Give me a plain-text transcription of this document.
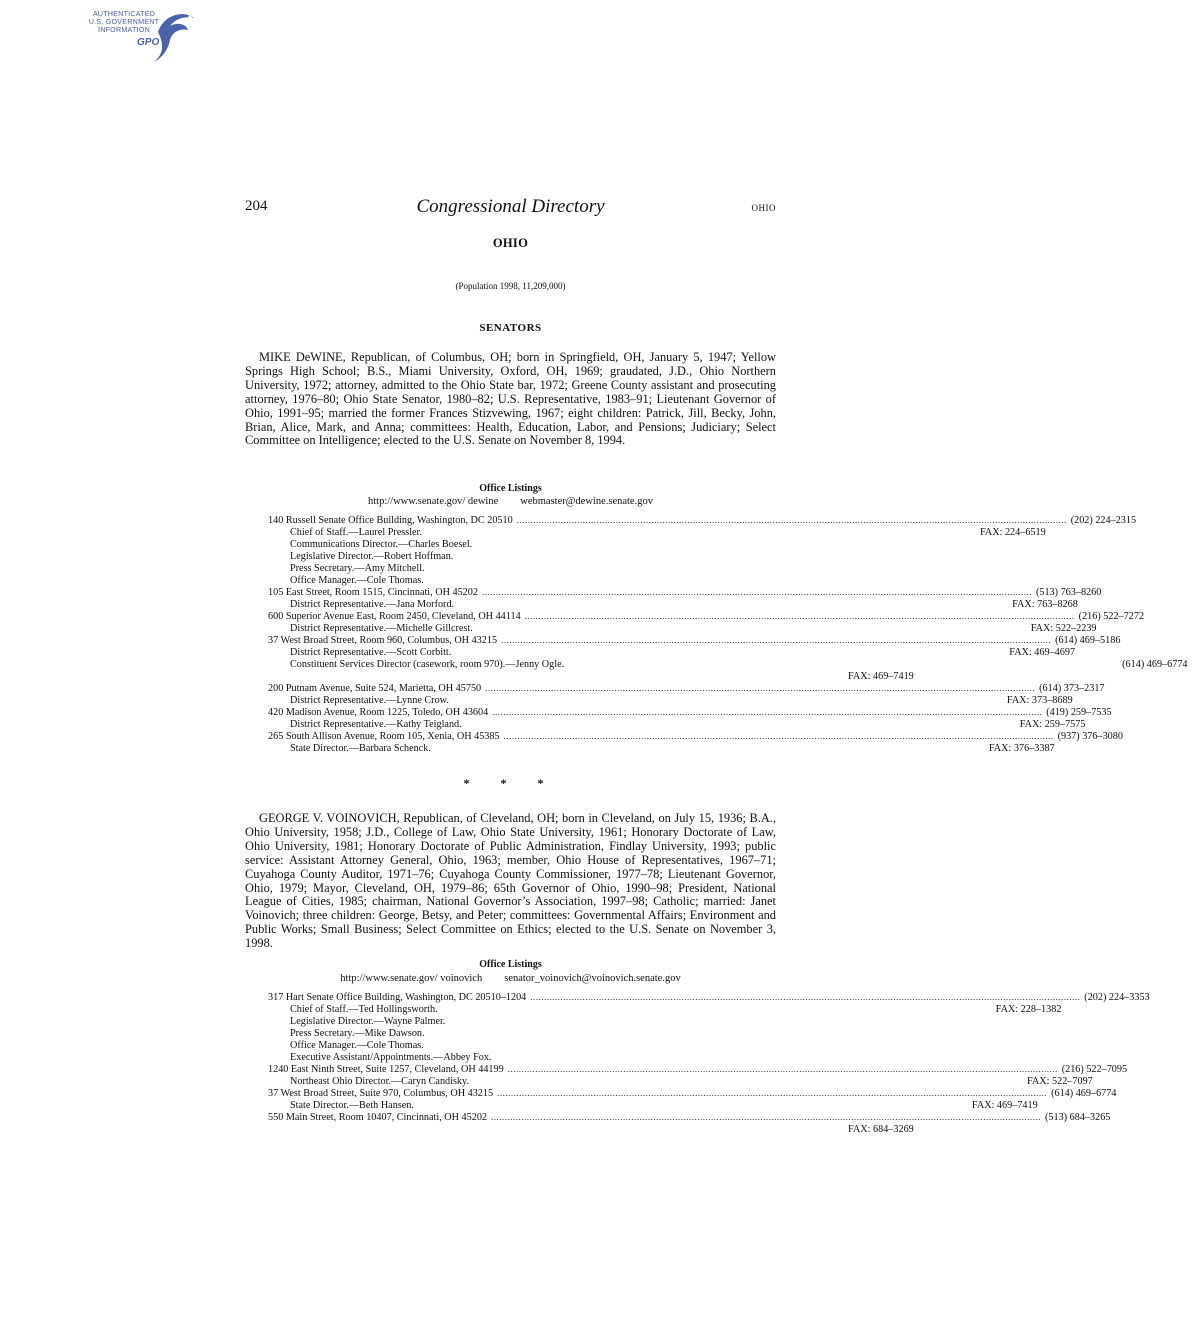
AUTHENTICATED
U.S. GOVERNMENT
INFORMATION
GPO
204	Congressional Directory	OHIO
OHIO
(Population 1998, 11,209,000)
SENATORS

MIKE DeWINE, Republican, of Columbus, OH; born in Springfield, OH, January 5, 1947; Yellow Springs High School; B.S., Miami University, Oxford, OH, 1969; graudated, J.D., Ohio Northern University, 1972; attorney, admitted to the Ohio State bar, 1972; Greene County assistant and prosecuting attorney, 1976–80; Ohio State Senator, 1980–82; U.S. Representative, 1983–91; Lieutenant Governor of Ohio, 1991–95; married the former Frances Stizvewing, 1967; eight children: Patrick, Jill, Becky, John, Brian, Alice, Mark, and Anna; committees: Health, Education, Labor, and Pensions; Judiciary; Select Committee on Intelligence; elected to the U.S. Senate on November 8, 1994.

Office Listings
http://www.senate.gov/ dewine webmaster@dewine.senate.gov
140 Russell Senate Office Building, Washington, DC 20510 ........................................................................................................................................................................................................ (202) 224–2315
Chief of Staff.—Laurel Pressler.	FAX: 224–6519
Communications Director.—Charles Boesel.
Legislative Director.—Robert Hoffman.
Press Secretary.—Amy Mitchell.
Office Manager.—Cole Thomas.
105 East Street, Room 1515, Cincinnati, OH 45202 ........................................................................................................................................................................................................ (513) 763–8260
District Representative.—Jana Morford.	FAX: 763–8268
600 Superior Avenue East, Room 2450, Cleveland, OH 44114 ........................................................................................................................................................................................................ (216) 522–7272
District Representative.—Michelle Gillcrest.	FAX: 522–2239
37 West Broad Street, Room 960, Columbus, OH 43215 ........................................................................................................................................................................................................ (614) 469–5186
District Representative.—Scott Corbitt.	FAX: 469–4697
Constituent Services Director (casework, room 970).—Jenny Ogle.	(614) 469–6774
FAX: 469–7419
200 Putnam Avenue, Suite 524, Marietta, OH 45750 ........................................................................................................................................................................................................ (614) 373–2317
District Representative.—Lynne Crow.	FAX: 373–8689
420 Madison Avenue, Room 1225, Toledo, OH 43604 ........................................................................................................................................................................................................ (419) 259–7535
District Representative.—Kathy Teigland.	FAX: 259–7575
265 South Allison Avenue, Room 105, Xenia, OH 45385 ........................................................................................................................................................................................................ (937) 376–3080
State Director.—Barbara Schenck.	FAX: 376–3387
* * *

GEORGE V. VOINOVICH, Republican, of Cleveland, OH; born in Cleveland, on July 15, 1936; B.A., Ohio University, 1958; J.D., College of Law, Ohio State University, 1961; Honorary Doctorate of Law, Ohio University, 1981; Honorary Doctorate of Public Administration, Findlay University, 1993; public service: Assistant Attorney General, Ohio, 1963; member, Ohio House of Representatives, 1967–71; Cuyahoga County Auditor, 1971–76; Cuyahoga County Commissioner, 1977–78; Lieutenant Governor, Ohio, 1979; Mayor, Cleveland, OH, 1979–86; 65th Governor of Ohio, 1990–98; President, National League of Cities, 1985; chairman, National Governor’s Association, 1997–98; Catholic; married: Janet Voinovich; three children: George, Betsy, and Peter; committees: Governmental Affairs; Environment and Public Works; Small Business; Select Committee on Ethics; elected to the U.S. Senate on November 3, 1998.

Office Listings
http://www.senate.gov/ voinovich senator_voinovich@voinovich.senate.gov
317 Hart Senate Office Building, Washington, DC 20510–1204 ........................................................................................................................................................................................................ (202) 224–3353
Chief of Staff.—Ted Hollingsworth.	FAX: 228–1382
Legislative Director.—Wayne Palmer.
Press Secretary.—Mike Dawson.
Office Manager.—Cole Thomas.
Executive Assistant/Appointments.—Abbey Fox.
1240 East Ninth Street, Suite 1257, Cleveland, OH 44199 ........................................................................................................................................................................................................ (216) 522–7095
Northeast Ohio Director.—Caryn Candisky.	FAX: 522–7097
37 West Broad Street, Suite 970, Columbus, OH 43215 ........................................................................................................................................................................................................ (614) 469–6774
State Director.—Beth Hansen.	FAX: 469–7419
550 Main Street, Room 10407, Cincinnati, OH 45202 ........................................................................................................................................................................................................ (513) 684–3265
FAX: 684–3269
